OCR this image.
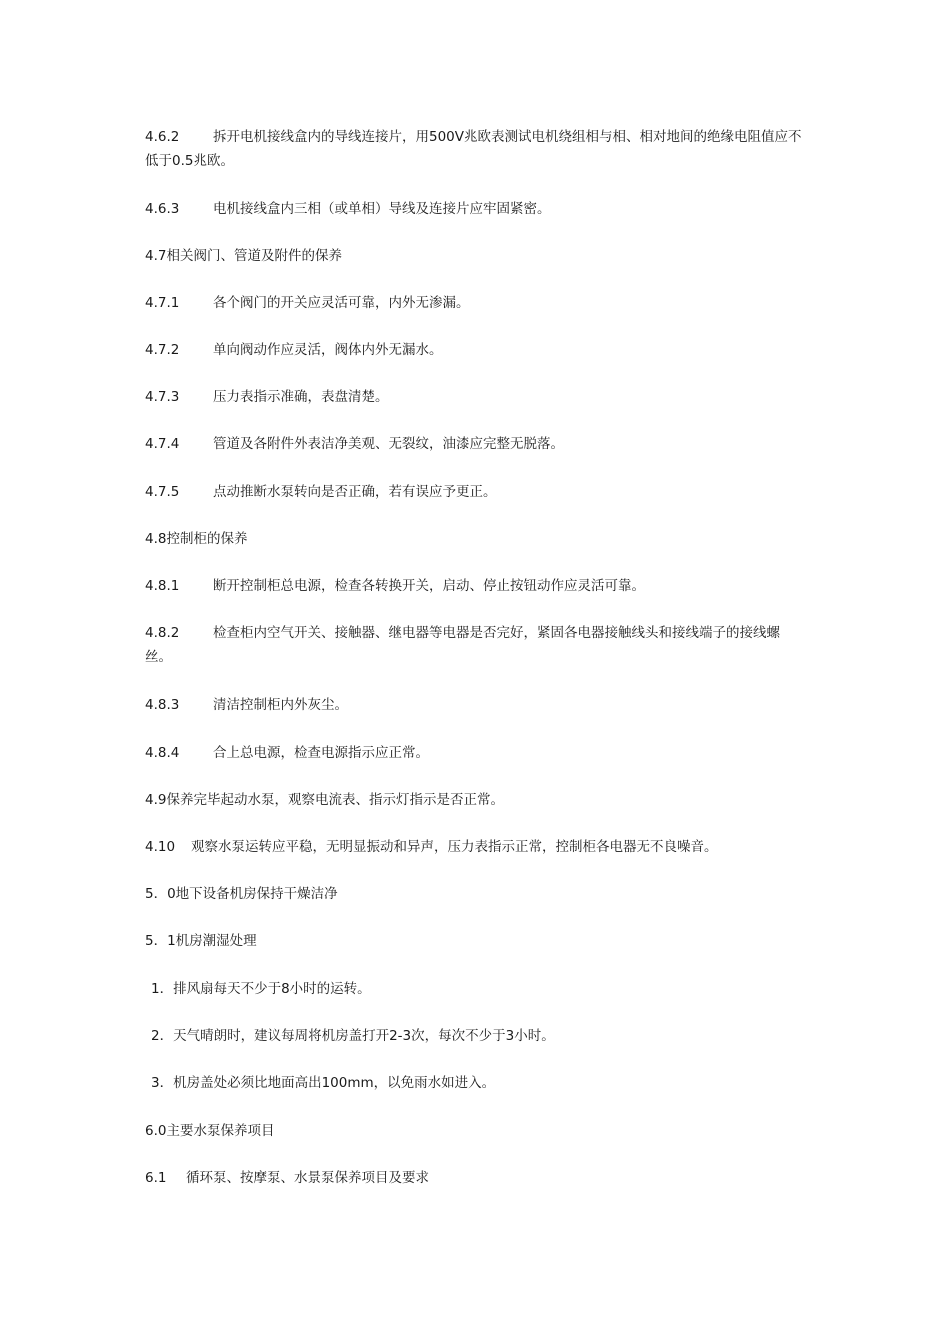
4.6.2 拆开电机接线盒内的导线连接片，用500V兆欧表测试电机绕组相与相、相对地间的绝缘电阻值应不低于0.5兆欧。
4.6.3 电机接线盒内三相（或单相）导线及连接片应牢固紧密。
4.7相关阀门、管道及附件的保养
4.7.1 各个阀门的开关应灵活可靠，内外无渗漏。
4.7.2 单向阀动作应灵活，阀体内外无漏水。
4.7.3 压力表指示准确，表盘清楚。
4.7.4 管道及各附件外表洁净美观、无裂纹，油漆应完整无脱落。
4.7.5 点动推断水泵转向是否正确，若有误应予更正。
4.8控制柜的保养
4.8.1 断开控制柜总电源，检查各转换开关，启动、停止按钮动作应灵活可靠。
4.8.2 检查柜内空气开关、接触器、继电器等电器是否完好，紧固各电器接触线头和接线端子的接线螺丝。
4.8.3 清洁控制柜内外灰尘。
4.8.4 合上总电源，检查电源指示应正常。
4.9保养完毕起动水泵，观察电流表、指示灯指示是否正常。
4.10 观察水泵运转应平稳，无明显振动和异声，压力表指示正常，控制柜各电器无不良噪音。
5．0地下设备机房保持干燥洁净
5．1机房潮湿处理
1．排风扇每天不少于8小时的运转。
2．天气晴朗时，建议每周将机房盖打开2-3次，每次不少于3小时。
3．机房盖处必须比地面高出100mm，以免雨水如进入。
6.0主要水泵保养项目
6.1 循环泵、按摩泵、水景泵保养项目及要求
